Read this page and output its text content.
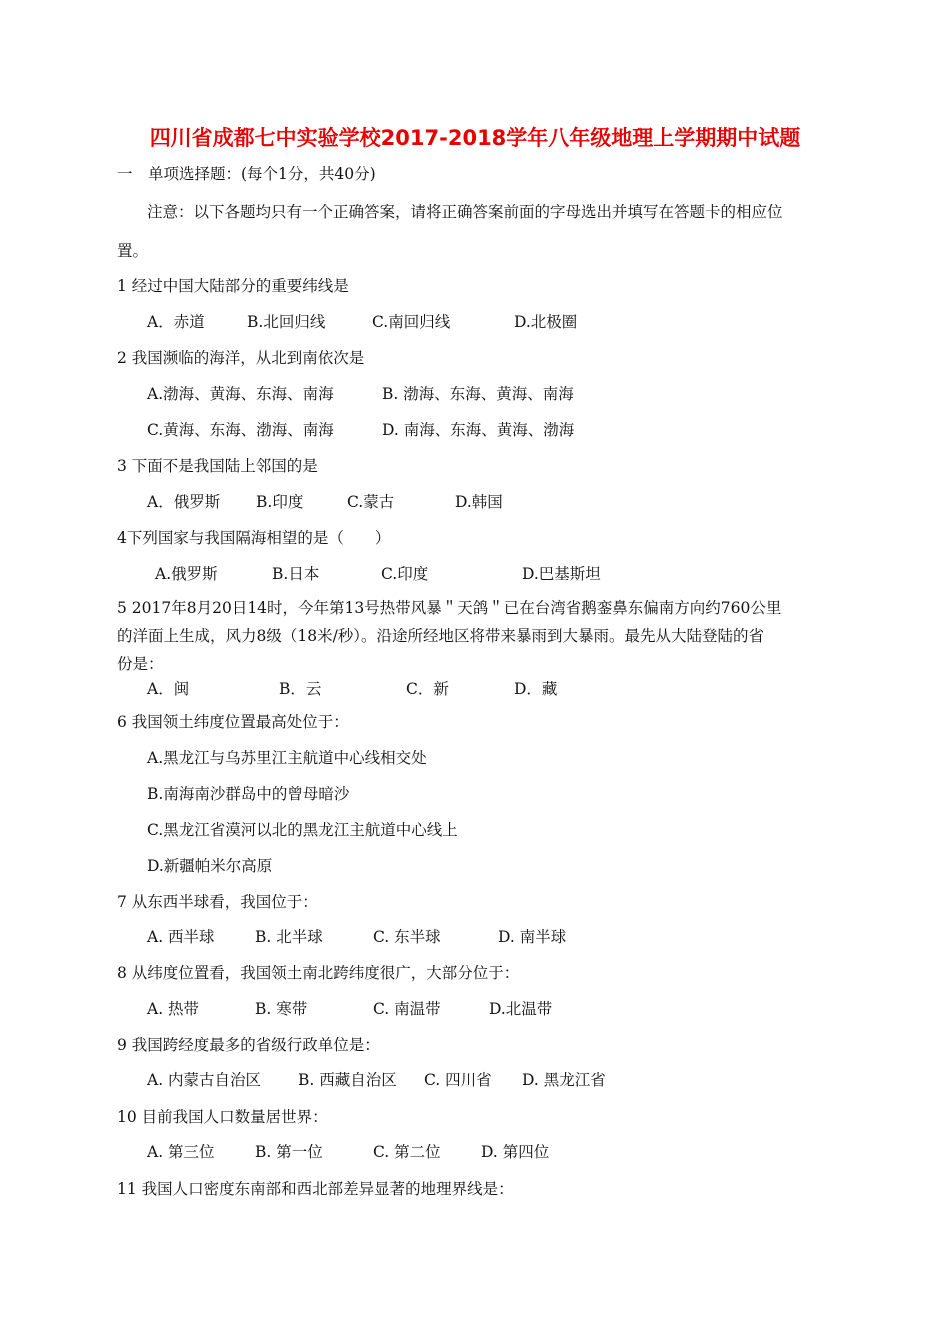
四川省成都七中实验学校2017-2018学年八年级地理上学期期中试题
一　单项选择题：(每个1分，共40分)
注意：以下各题均只有一个正确答案，请将正确答案前面的字母选出并填写在答题卡的相应位
置。
1 经过中国大陆部分的重要纬线是
A．赤道	B.北回归线	C.南回归线	D.北极圈
2 我国濒临的海洋，从北到南依次是
A.渤海、黄海、东海、南海	B. 渤海、东海、黄海、南海
C.黄海、东海、渤海、南海	D. 南海、东海、黄海、渤海
3 下面不是我国陆上邻国的是
A．俄罗斯 B.印度	C.蒙古	D.韩国
4下列国家与我国隔海相望的是（　　）
A.俄罗斯	B.日本	C.印度	D.巴基斯坦
5 2017年8月20日14时，今年第13号热带风暴＂天鸽＂已在台湾省鹅銮鼻东偏南方向约760公里
的洋面上生成，风力8级（18米/秒）。沿途所经地区将带来暴雨到大暴雨。最先从大陆登陆的省
份是：
A．闽	B．云	C．新	D．藏
6 我国领土纬度位置最高处位于：
A.黑龙江与乌苏里江主航道中心线相交处
B.南海南沙群岛中的曾母暗沙
C.黑龙江省漠河以北的黑龙江主航道中心线上
D.新疆帕米尔高原
7 从东西半球看，我国位于：
A. 西半球	B. 北半球	C. 东半球	D. 南半球
8 从纬度位置看，我国领土南北跨纬度很广，大部分位于：
A. 热带	B. 寒带	C. 南温带	D.北温带
9 我国跨经度最多的省级行政单位是：
A. 内蒙古自治区 B. 西藏自治区 C. 四川省 D. 黑龙江省
10 目前我国人口数量居世界：
A. 第三位	B. 第一位	C. 第二位	D. 第四位
11 我国人口密度东南部和西北部差异显著的地理界线是：
